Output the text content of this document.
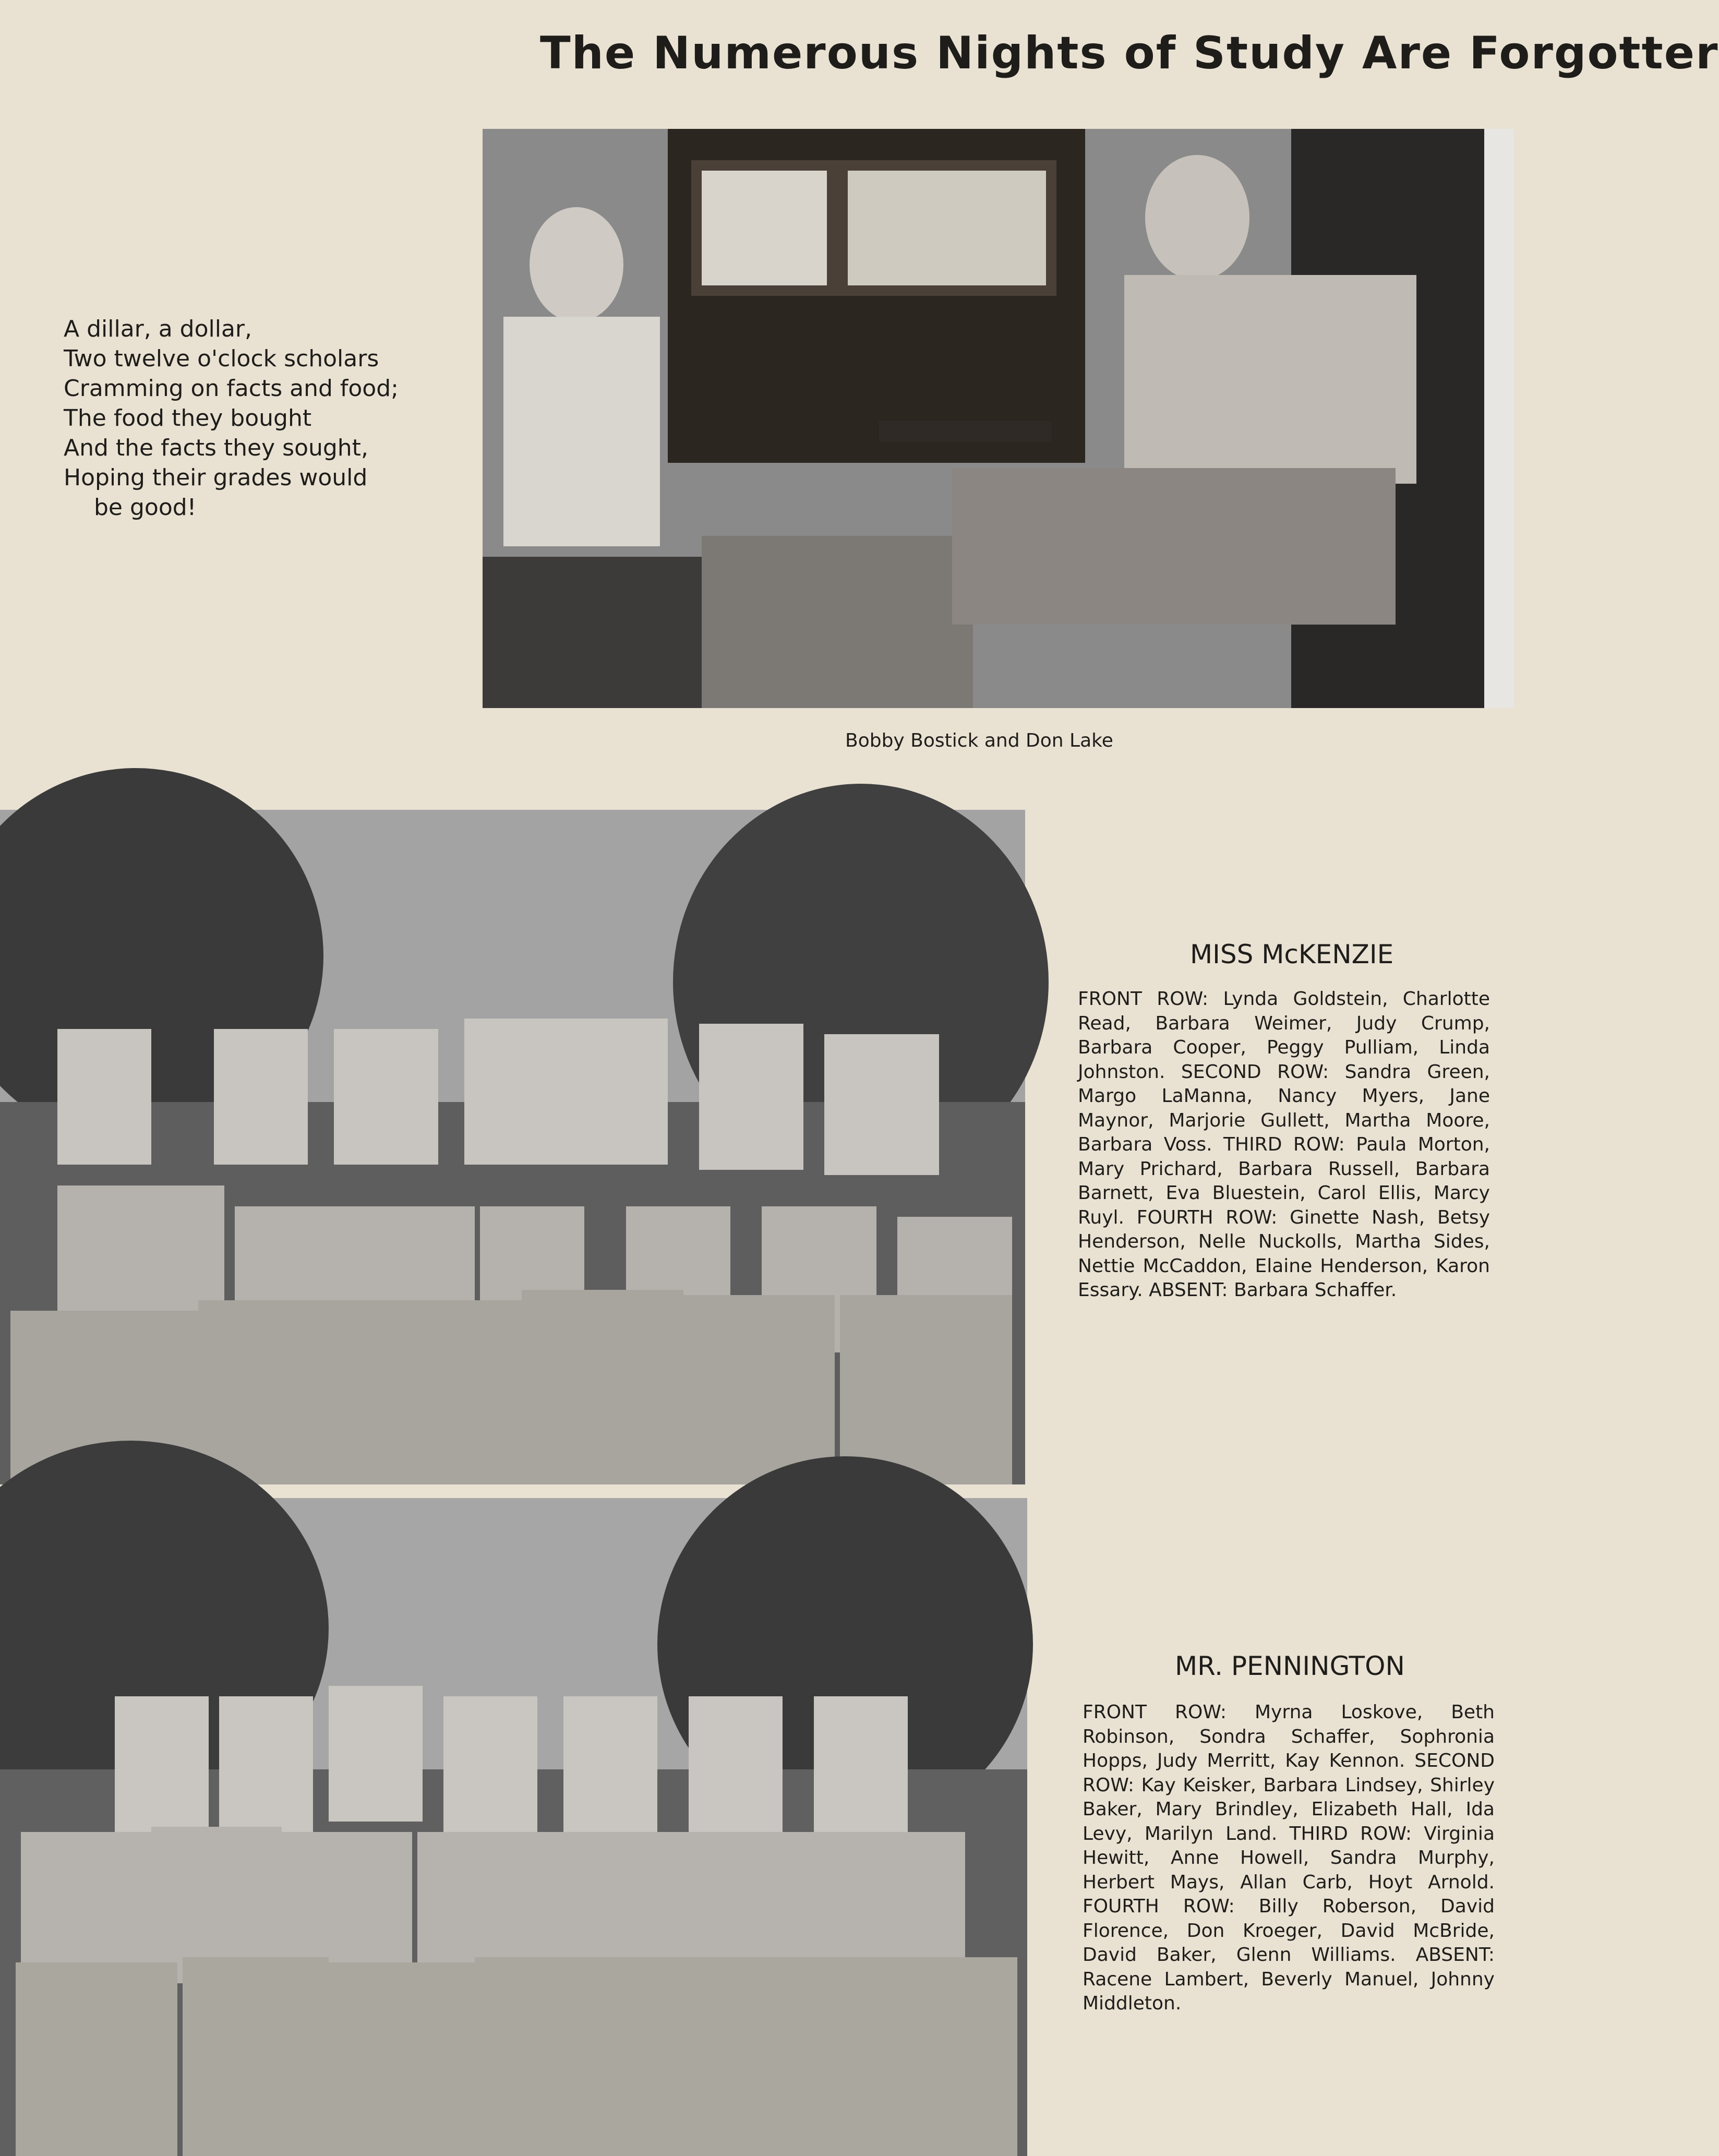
The Numerous Nights of Study Are Forgotter
A dillar, a dollar,
Two twelve o'clock scholars
Cramming on facts and food;
The food they bought
And the facts they sought,
Hoping their grades would
be good!
Bobby Bostick and Don Lake
MISS McKENZIE
FRONT ROW: Lynda Goldstein, Charlotte Read, Barbara Weimer, Judy Crump, Barbara Cooper, Peggy Pulliam, Linda Johnston. SECOND ROW: Sandra Green, Margo LaManna, Nancy Myers, Jane Maynor, Marjorie Gullett, Martha Moore, Barbara Voss. THIRD ROW: Paula Morton, Mary Prichard, Barbara Russell, Barbara Barnett, Eva Bluestein, Carol Ellis, Marcy Ruyl. FOURTH ROW: Ginette Nash, Betsy Henderson, Nelle Nuckolls, Martha Sides, Nettie McCaddon, Elaine Henderson, Karon Essary. ABSENT: Barbara Schaffer.
MR. PENNINGTON
FRONT ROW: Myrna Loskove, Beth Robinson, Sondra Schaffer, Sophronia Hopps, Judy Merritt, Kay Kennon. SECOND ROW: Kay Keisker, Barbara Lindsey, Shirley Baker, Mary Brindley, Elizabeth Hall, Ida Levy, Marilyn Land. THIRD ROW: Virginia Hewitt, Anne Howell, Sandra Murphy, Herbert Mays, Allan Carb, Hoyt Arnold. FOURTH ROW: Billy Roberson, David Florence, Don Kroeger, David McBride, David Baker, Glenn Williams. ABSENT: Racene Lambert, Beverly Manuel, Johnny Middleton.
